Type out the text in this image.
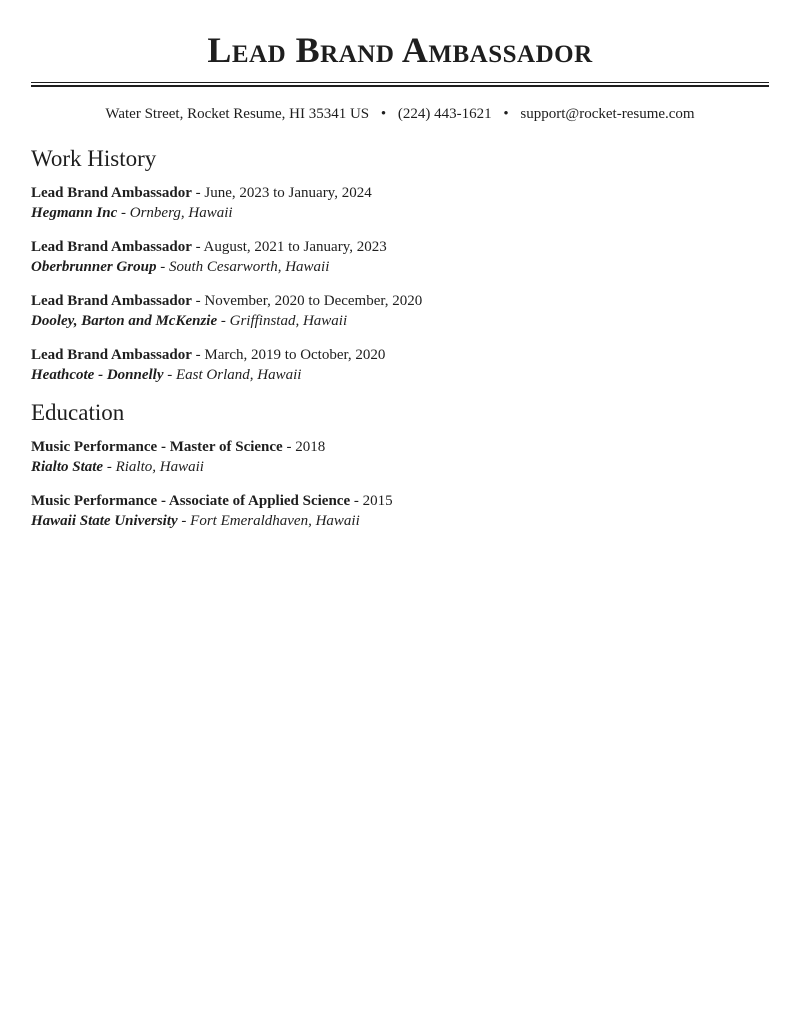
Lead Brand Ambassador
Water Street, Rocket Resume, HI 35341 US • (224) 443-1621 • support@rocket-resume.com
Work History
Lead Brand Ambassador - June, 2023 to January, 2024
Hegmann Inc - Ornberg, Hawaii
Lead Brand Ambassador - August, 2021 to January, 2023
Oberbrunner Group - South Cesarworth, Hawaii
Lead Brand Ambassador - November, 2020 to December, 2020
Dooley, Barton and McKenzie - Griffinstad, Hawaii
Lead Brand Ambassador - March, 2019 to October, 2020
Heathcote - Donnelly - East Orland, Hawaii
Education
Music Performance - Master of Science - 2018
Rialto State - Rialto, Hawaii
Music Performance - Associate of Applied Science - 2015
Hawaii State University - Fort Emeraldhaven, Hawaii
